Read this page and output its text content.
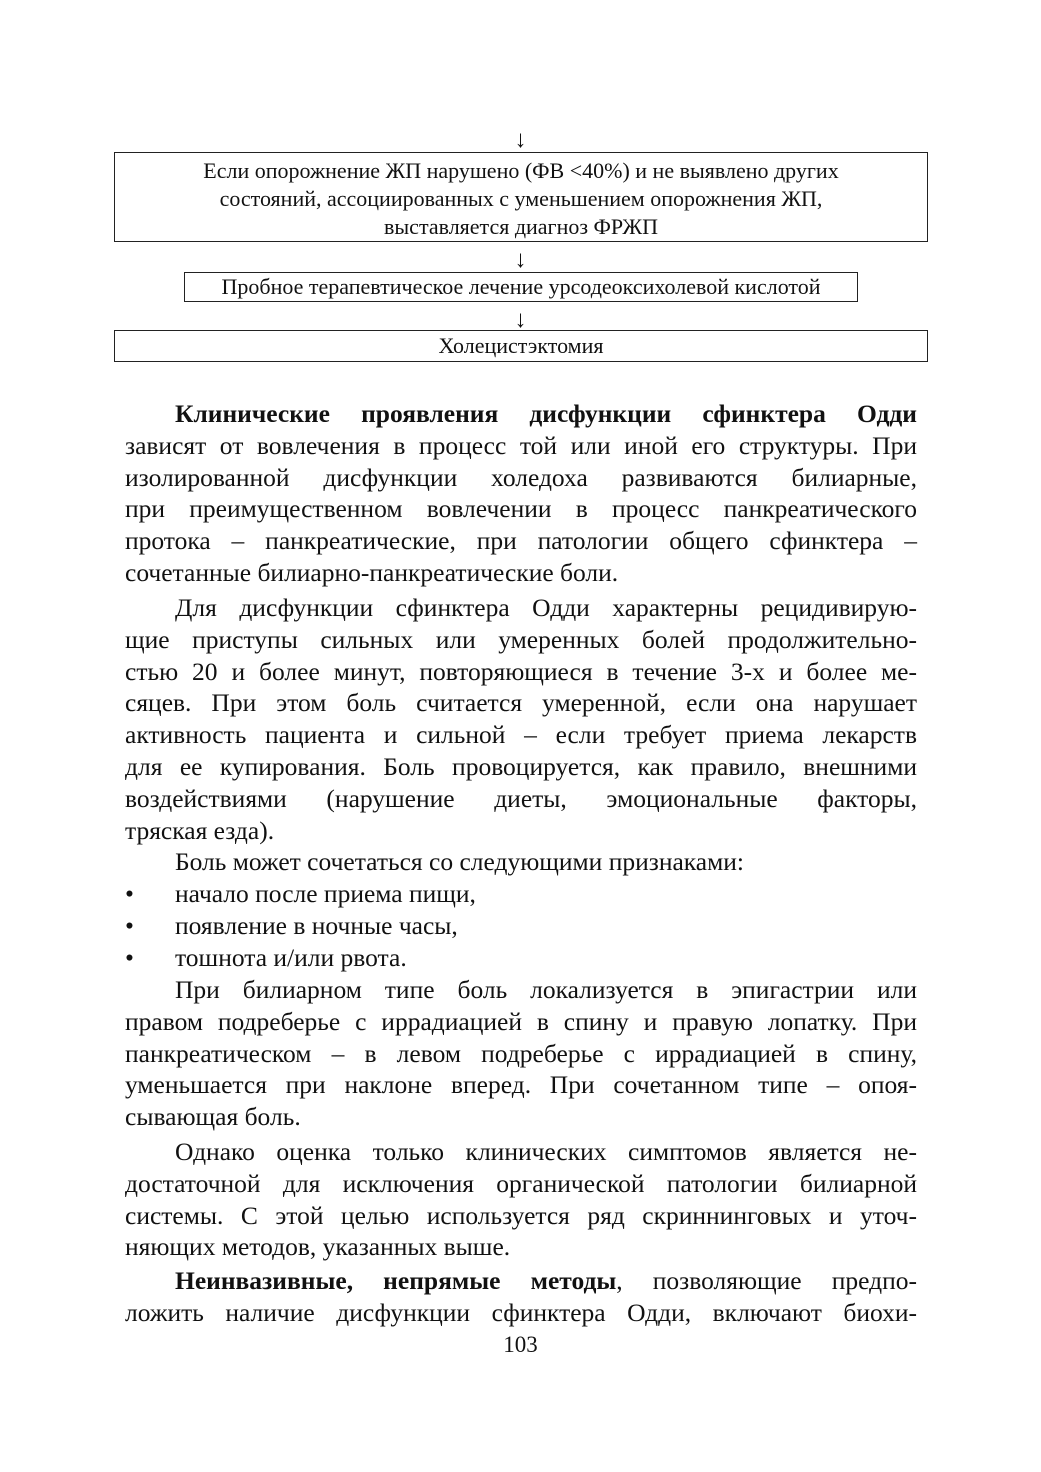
↓
Если опорожнение ЖП нарушено (ФВ <40%) и не выявлено других
состояний, ассоциированных с уменьшением опорожнения ЖП,
выставляется диагноз ФРЖП
↓
Пробное терапевтическое лечение урсодеоксихолевой кислотой
↓
Холецистэктомия
Клинические проявления дисфункции сфинктера Одди
зависят от вовлечения в процесс той или иной его структуры. При
изолированной дисфункции холедоха развиваются билиарные,
при преимущественном вовлечении в процесс панкреатического
протока – панкреатические, при патологии общего сфинктера –
сочетанные билиарно-панкреатические боли.
Для дисфункции сфинктера Одди характерны рецидивирую-
щие приступы сильных или умеренных болей продолжительно-
стью 20 и более минут, повторяющиеся в течение 3-х и более ме-
сяцев. При этом боль считается умеренной, если она нарушает
активность пациента и сильной – если требует приема лекарств
для ее купирования. Боль провоцируется, как правило, внешними
воздействиями (нарушение диеты, эмоциональные факторы,
тряская езда).
Боль может сочетаться со следующими признаками:
• начало после приема пищи,
• появление в ночные часы,
• тошнота и/или рвота.
При билиарном типе боль локализуется в эпигастрии или
правом подреберье с иррадиацией в спину и правую лопатку. При
панкреатическом – в левом подреберье с иррадиацией в спину,
уменьшается при наклоне вперед. При сочетанном типе – опоя-
сывающая боль.
Однако оценка только клинических симптомов является не-
достаточной для исключения органической патологии билиарной
системы. С этой целью используется ряд скриннинговых и уточ-
няющих методов, указанных выше.
Неинвазивные, непрямые методы, позволяющие предпо-
ложить наличие дисфункции сфинктера Одди, включают биохи-
103
